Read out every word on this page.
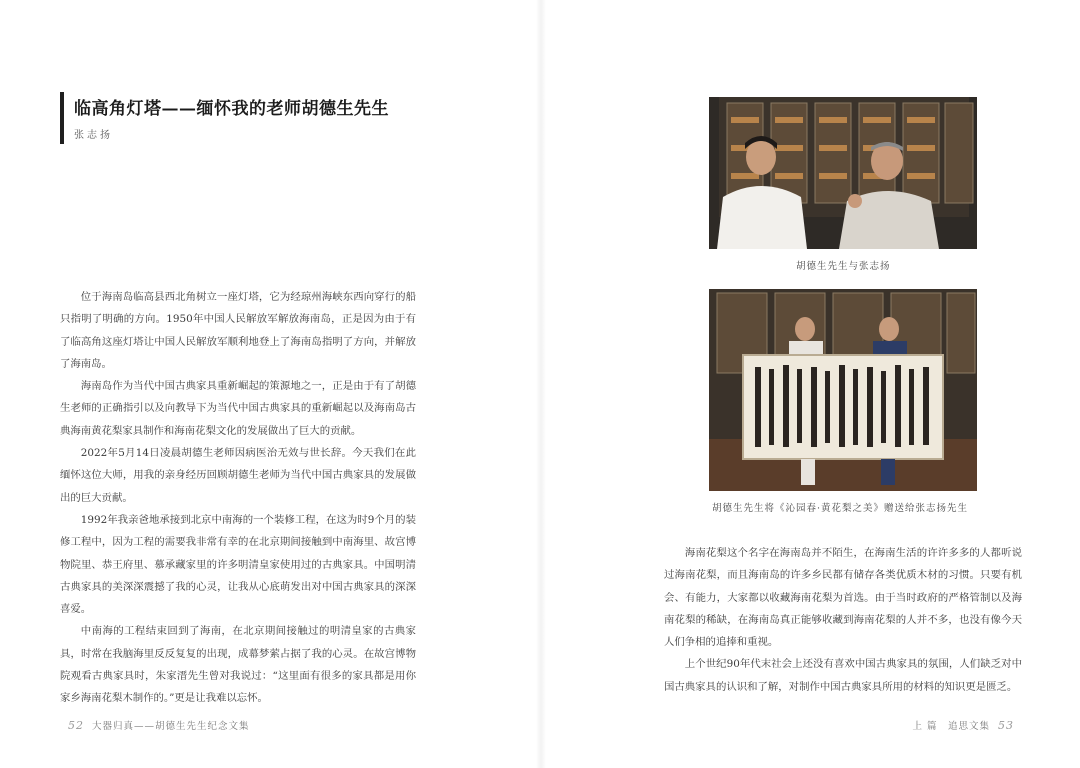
临高角灯塔——缅怀我的老师胡德生先生
张志扬

位于海南岛临高县西北角树立一座灯塔，它为经琼州海峡东西向穿行的船只指明了明确的方向。1950年中国人民解放军解放海南岛，正是因为由于有了临高角这座灯塔让中国人民解放军顺利地登上了海南岛指明了方向，并解放了海南岛。

海南岛作为当代中国古典家具重新崛起的策源地之一，正是由于有了胡德生老师的正确指引以及向教导下为当代中国古典家具的重新崛起以及海南岛古典海南黄花梨家具制作和海南花梨文化的发展做出了巨大的贡献。

2022年5月14日凌晨胡德生老师因病医治无效与世长辞。今天我们在此缅怀这位大师，用我的亲身经历回顾胡德生老师为当代中国古典家具的发展做出的巨大贡献。

1992年我亲爸地承接到北京中南海的一个装修工程，在这为时9个月的装修工程中，因为工程的需要我非常有幸的在北京期间接触到中南海里、故宫博物院里、恭王府里、慕承藏家里的许多明清皇家使用过的古典家具。中国明清古典家具的美深深震撼了我的心灵，让我从心底萌发出对中国古典家具的深深喜爱。

中南海的工程结束回到了海南，在北京期间接触过的明清皇家的古典家具，时常在我脑海里反反复复的出现，成幕梦萦占据了我的心灵。在故宫博物院观看古典家具时，朱家溍先生曾对我说过：“这里面有很多的家具都是用你家乡海南花梨木制作的。”更是让我难以忘怀。

52 大器归真——胡德生先生纪念文集
胡德生先生与张志扬
胡德生先生将《沁园春·黄花梨之美》赠送给张志扬先生

海南花梨这个名字在海南岛并不陌生，在海南生活的许许多多的人都听说过海南花梨，而且海南岛的许多乡民都有储存各类优质木材的习惯。只要有机会、有能力，大家都以收藏海南花梨为首选。由于当时政府的严格管制以及海南花梨的稀缺，在海南岛真正能够收藏到海南花梨的人并不多，也没有像今天人们争相的追捧和重视。

上个世纪90年代末社会上还没有喜欢中国古典家具的氛围，人们缺乏对中国古典家具的认识和了解，对制作中国古典家具所用的材料的知识更是匮乏。

上 篇　追思文集 53
